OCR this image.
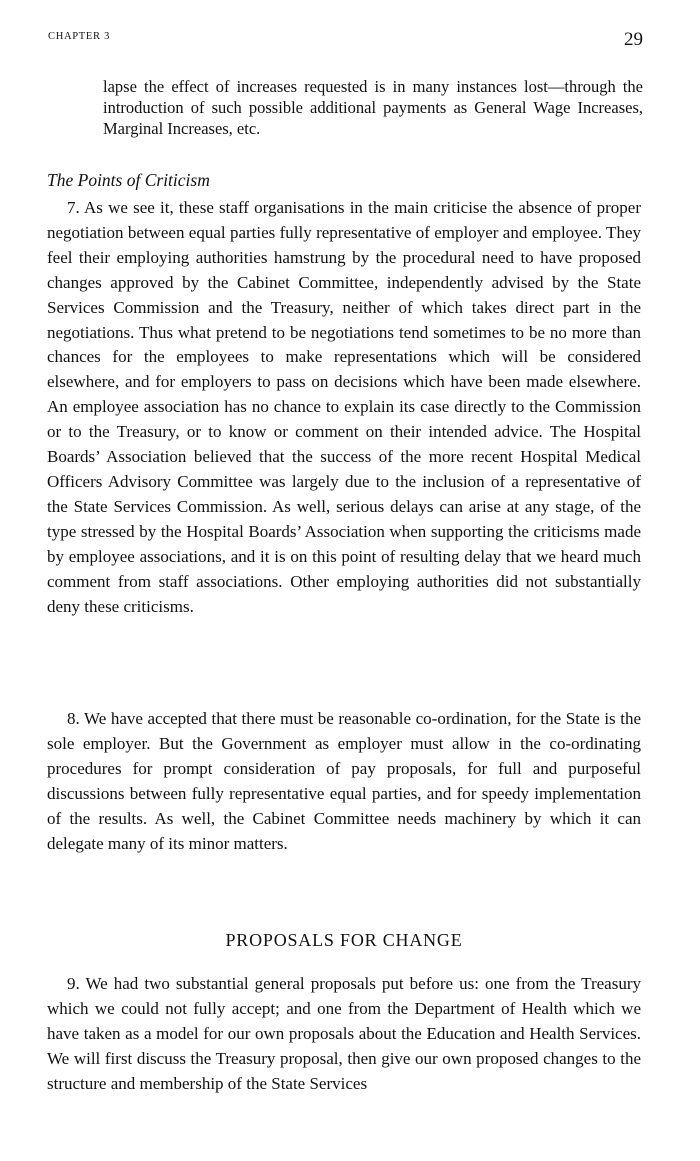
CHAPTER 3	29
lapse the effect of increases requested is in many instances lost—through the introduction of such possible additional payments as General Wage Increases, Marginal Increases, etc.
The Points of Criticism
7. As we see it, these staff organisations in the main criticise the absence of proper negotiation between equal parties fully representative of employer and employee. They feel their employing authorities hamstrung by the procedural need to have proposed changes approved by the Cabinet Committee, independently advised by the State Services Commission and the Treasury, neither of which takes direct part in the negotiations. Thus what pretend to be negotiations tend sometimes to be no more than chances for the employees to make representations which will be considered elsewhere, and for employers to pass on decisions which have been made elsewhere. An employee association has no chance to explain its case directly to the Commission or to the Treasury, or to know or comment on their intended advice. The Hospital Boards’ Association believed that the success of the more recent Hospital Medical Officers Advisory Committee was largely due to the inclusion of a representative of the State Services Commission. As well, serious delays can arise at any stage, of the type stressed by the Hospital Boards’ Association when supporting the criticisms made by employee associations, and it is on this point of resulting delay that we heard much comment from staff associations. Other employing authorities did not substantially deny these criticisms.
8. We have accepted that there must be reasonable co-ordination, for the State is the sole employer. But the Government as employer must allow in the co-ordinating procedures for prompt consideration of pay proposals, for full and purposeful discussions between fully representative equal parties, and for speedy implementation of the results. As well, the Cabinet Committee needs machinery by which it can delegate many of its minor matters.
PROPOSALS FOR CHANGE
9. We had two substantial general proposals put before us: one from the Treasury which we could not fully accept; and one from the Department of Health which we have taken as a model for our own proposals about the Education and Health Services. We will first discuss the Treasury proposal, then give our own proposed changes to the structure and membership of the State Services
